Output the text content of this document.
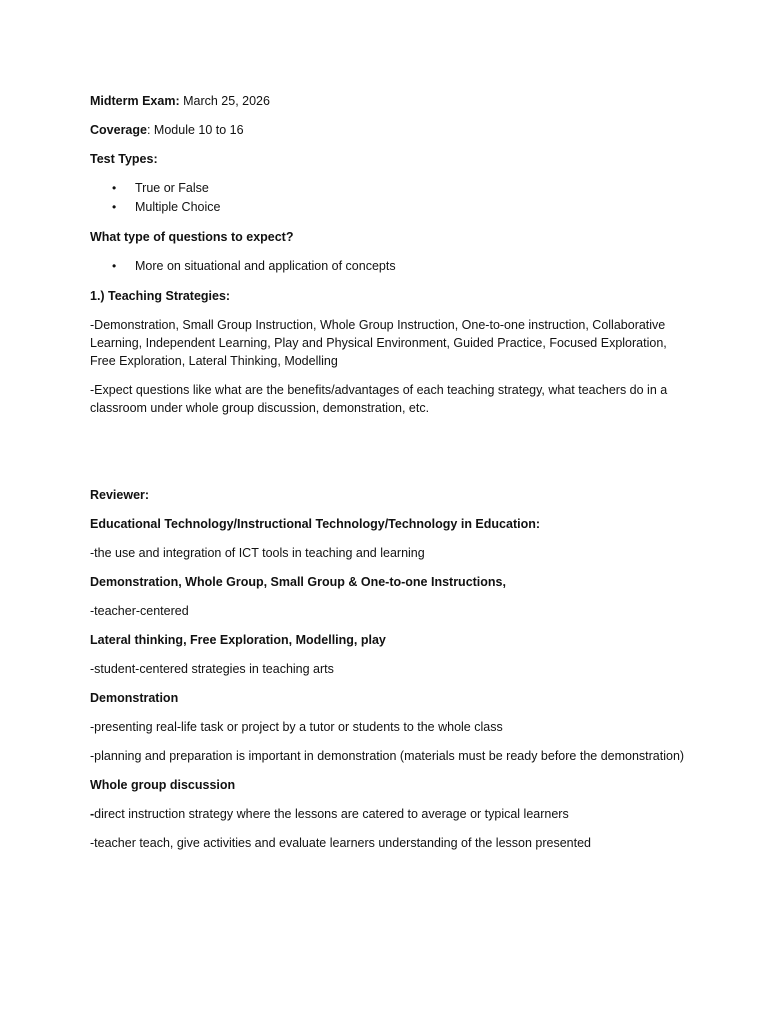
Midterm Exam: March 25, 2026

Coverage: Module 10 to 16

Test Types:

• True or False
• Multiple Choice

What type of questions to expect?

• More on situational and application of concepts

1.) Teaching Strategies:

-Demonstration, Small Group Instruction, Whole Group Instruction, One-to-one instruction, Collaborative Learning, Independent Learning, Play and Physical Environment, Guided Practice, Focused Exploration, Free Exploration, Lateral Thinking, Modelling

-Expect questions like what are the benefits/advantages of each teaching strategy, what teachers do in a classroom under whole group discussion, demonstration, etc.

Reviewer:

Educational Technology/Instructional Technology/Technology in Education:

-the use and integration of ICT tools in teaching and learning

Demonstration, Whole Group, Small Group & One-to-one Instructions,

-teacher-centered

Lateral thinking, Free Exploration, Modelling, play

-student-centered strategies in teaching arts

Demonstration

-presenting real-life task or project by a tutor or students to the whole class

-planning and preparation is important in demonstration (materials must be ready before the demonstration)

Whole group discussion

-direct instruction strategy where the lessons are catered to average or typical learners

-teacher teach, give activities and evaluate learners understanding of the lesson presented
